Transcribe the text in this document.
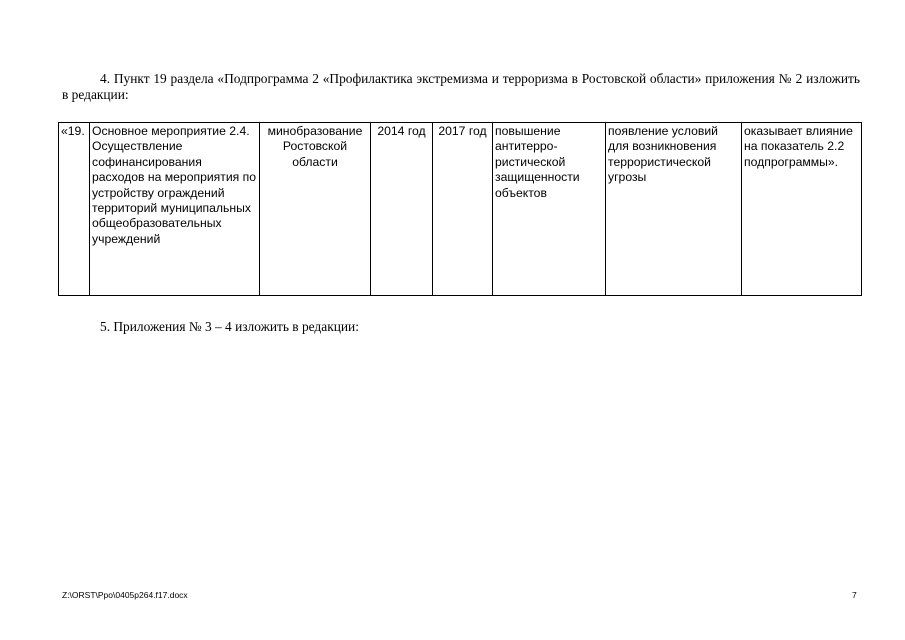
4. Пункт 19 раздела «Подпрограмма 2 «Профилактика экстремизма и терроризма в Ростовской области» приложения № 2 изложить в редакции:
«19.	Основное мероприятие 2.4. Осуществление софинансирования расходов на мероприятия по устройству ограждений территорий муниципальных общеобразовательных учреждений	минобразование Ростовской области	2014 год	2017 год	повышение антитерро-ристической защищенности объектов	появление условий для возникновения террористической угрозы	оказывает влияние на показатель 2.2 подпрограммы».
5. Приложения № 3 – 4 изложить в редакции:
Z:\ORST\Ppo\0405p264.f17.docx	7
